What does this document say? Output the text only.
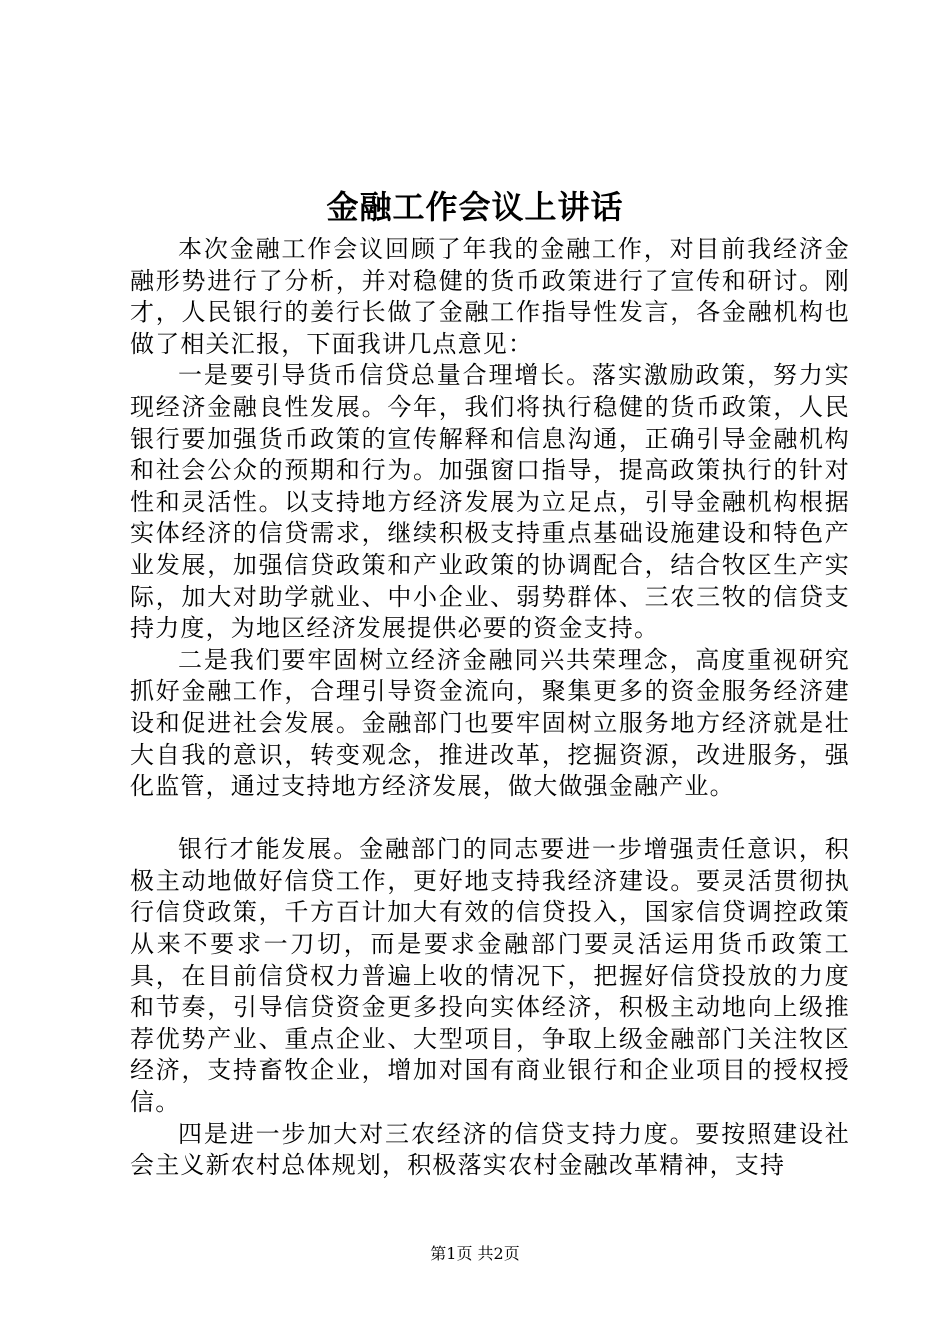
金融工作会议上讲话

本次金融工作会议回顾了年我的金融工作，对目前我经济金融形势进行了分析，并对稳健的货币政策进行了宣传和研讨。刚才，人民银行的姜行长做了金融工作指导性发言，各金融机构也做了相关汇报，下面我讲几点意见：

一是要引导货币信贷总量合理增长。落实激励政策，努力实现经济金融良性发展。今年，我们将执行稳健的货币政策，人民银行要加强货币政策的宣传解释和信息沟通，正确引导金融机构和社会公众的预期和行为。加强窗口指导，提高政策执行的针对性和灵活性。以支持地方经济发展为立足点，引导金融机构根据实体经济的信贷需求，继续积极支持重点基础设施建设和特色产业发展，加强信贷政策和产业政策的协调配合，结合牧区生产实际，加大对助学就业、中小企业、弱势群体、三农三牧的信贷支持力度，为地区经济发展提供必要的资金支持。

二是我们要牢固树立经济金融同兴共荣理念，高度重视研究抓好金融工作，合理引导资金流向，聚集更多的资金服务经济建设和促进社会发展。金融部门也要牢固树立服务地方经济就是壮大自我的意识，转变观念，推进改革，挖掘资源，改进服务，强化监管，通过支持地方经济发展，做大做强金融产业。

银行才能发展。金融部门的同志要进一步增强责任意识，积极主动地做好信贷工作，更好地支持我经济建设。要灵活贯彻执行信贷政策，千方百计加大有效的信贷投入，国家信贷调控政策从来不要求一刀切，而是要求金融部门要灵活运用货币政策工具，在目前信贷权力普遍上收的情况下，把握好信贷投放的力度和节奏，引导信贷资金更多投向实体经济，积极主动地向上级推荐优势产业、重点企业、大型项目，争取上级金融部门关注牧区经济，支持畜牧企业，增加对国有商业银行和企业项目的授权授信。

四是进一步加大对三农经济的信贷支持力度。要按照建设社会主义新农村总体规划，积极落实农村金融改革精神，支持

第1页 共2页
